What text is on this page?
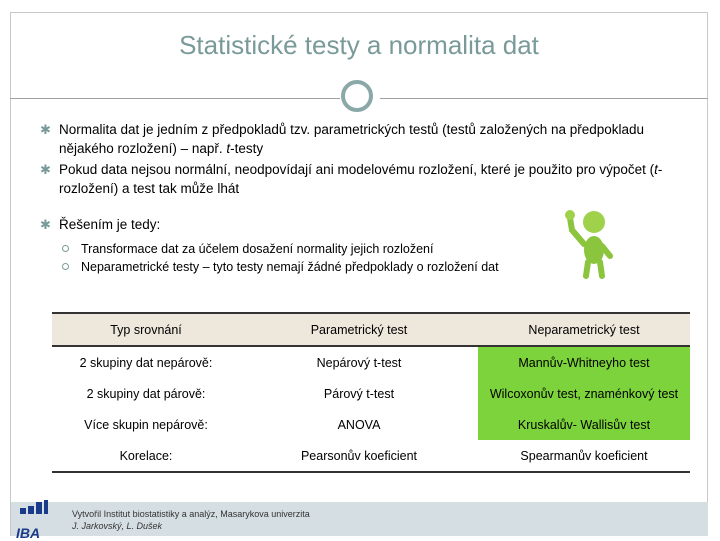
Statistické testy a normalita dat
✱ Normalita dat je jedním z předpokladů tzv. parametrických testů (testů založených na předpokladu nějakého rozložení) – např. t-testy
✱ Pokud data nejsou normální, neodpovídají ani modelovému rozložení, které je použito pro výpočet (t-rozložení) a test tak může lhát
✱ Řešením je tedy:
Transformace dat za účelem dosažení normality jejich rozložení
Neparametrické testy – tyto testy nemají žádné předpoklady o rozložení dat
Typ srovnání	Parametrický test	Neparametrický test
2 skupiny dat nepárově:	Nepárový t-test	Mannův-Whitneyho test
2 skupiny dat párově:	Párový t-test	Wilcoxonův test, znaménkový test
Více skupin nepárově:	ANOVA	Kruskalův- Wallisův test
Korelace:	Pearsonův koeficient	Spearmanův koeficient
IBA
Vytvořil Institut biostatistiky a analýz, Masarykova univerzita
J. Jarkovský, L. Dušek
